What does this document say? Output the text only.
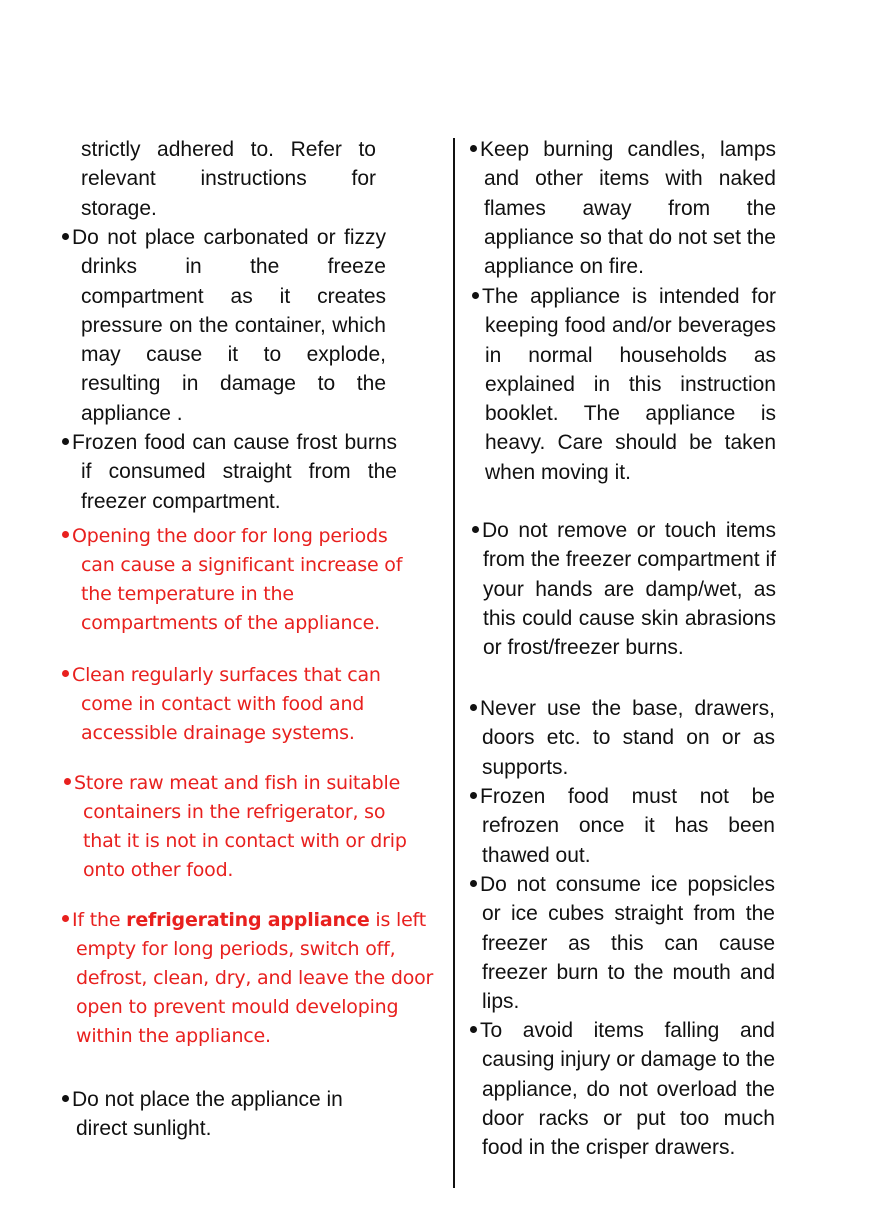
strictly adhered to. Refer to relevant instructions for storage.
Do not place carbonated or fizzy drinks in the freeze compartment as it creates pressure on the container, which may cause it to explode, resulting in damage to the appliance .
Frozen food can cause frost burns if consumed straight from the freezer compartment.
Opening the door for long periods can cause a significant increase of the temperature in the compartments of the appliance.
Clean regularly surfaces that can come in contact with food and accessible drainage systems.
Store raw meat and fish in suitable containers in the refrigerator, so that it is not in contact with or drip onto other food.
If the refrigerating appliance is left empty for long periods, switch off, defrost, clean, dry, and leave the door open to prevent mould developing within the appliance.
Do not place the appliance in direct sunlight.
Keep burning candles, lamps and other items with naked flames away from the appliance so that do not set the appliance on fire.
The appliance is intended for keeping food and/or beverages in normal households as explained in this instruction booklet. The appliance is heavy. Care should be taken when moving it.
Do not remove or touch items from the freezer compartment if your hands are damp/wet, as this could cause skin abrasions or frost/freezer burns.
Never use the base, drawers, doors etc. to stand on or as supports.
Frozen food must not be refrozen once it has been thawed out.
Do not consume ice popsicles or ice cubes straight from the freezer as this can cause freezer burn to the mouth and lips.
To avoid items falling and causing injury or damage to the appliance, do not overload the door racks or put too much food in the crisper drawers.
